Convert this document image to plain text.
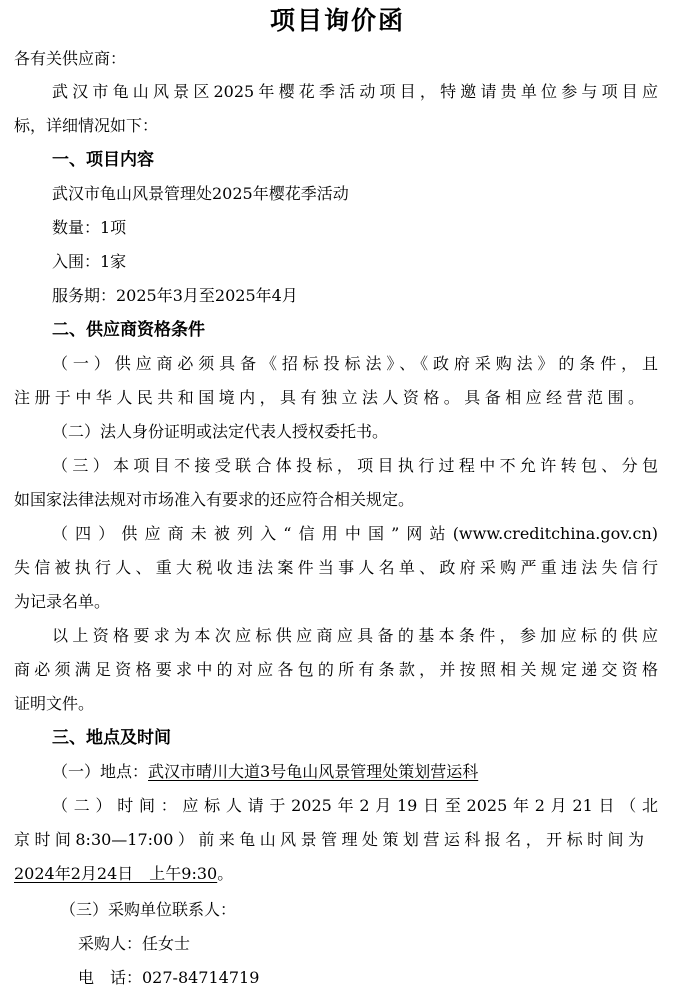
项目询价函
各有关供应商：
武汉市龟山风景区2025年樱花季活动项目，特邀请贵单位参与项目应
标，详细情况如下：
一、项目内容
武汉市龟山风景管理处2025年樱花季活动
数量：1项
入围：1家
服务期：2025年3月至2025年4月
二、供应商资格条件
（一）供应商必须具备《招标投标法》、《政府采购法》的条件，且
注册于中华人民共和国境内，具有独立法人资格。具备相应经营范围。
（二）法人身份证明或法定代表人授权委托书。
（三）本项目不接受联合体投标，项目执行过程中不允许转包、分包
如国家法律法规对市场准入有要求的还应符合相关规定。
（四）供应商未被列入“信用中国”网站(www.creditchina.gov.cn)
失信被执行人、重大税收违法案件当事人名单、政府采购严重违法失信行
为记录名单。
以上资格要求为本次应标供应商应具备的基本条件，参加应标的供应
商必须满足资格要求中的对应各包的所有条款，并按照相关规定递交资格
证明文件。
三、地点及时间
（一）地点：武汉市晴川大道3号龟山风景管理处策划营运科
（二）时间：应标人请于2025年2月19日至2025年2月21日（北
京时间8:30—17:00）前来龟山风景管理处策划营运科报名，开标时间为
2024年2月24日　上午9:30。
（三）采购单位联系人：
采购人：任女士
电　话：027-84714719
